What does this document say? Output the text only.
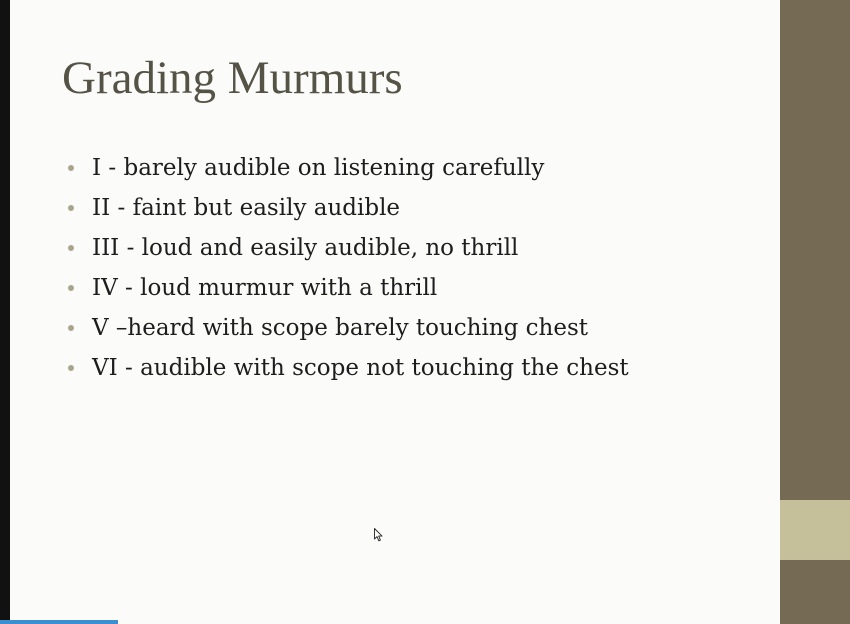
Grading Murmurs
I - barely audible on listening carefully
II - faint but easily audible
III - loud and easily audible, no thrill
IV - loud murmur with a thrill
V –heard with scope barely touching chest
VI - audible with scope not touching the chest
